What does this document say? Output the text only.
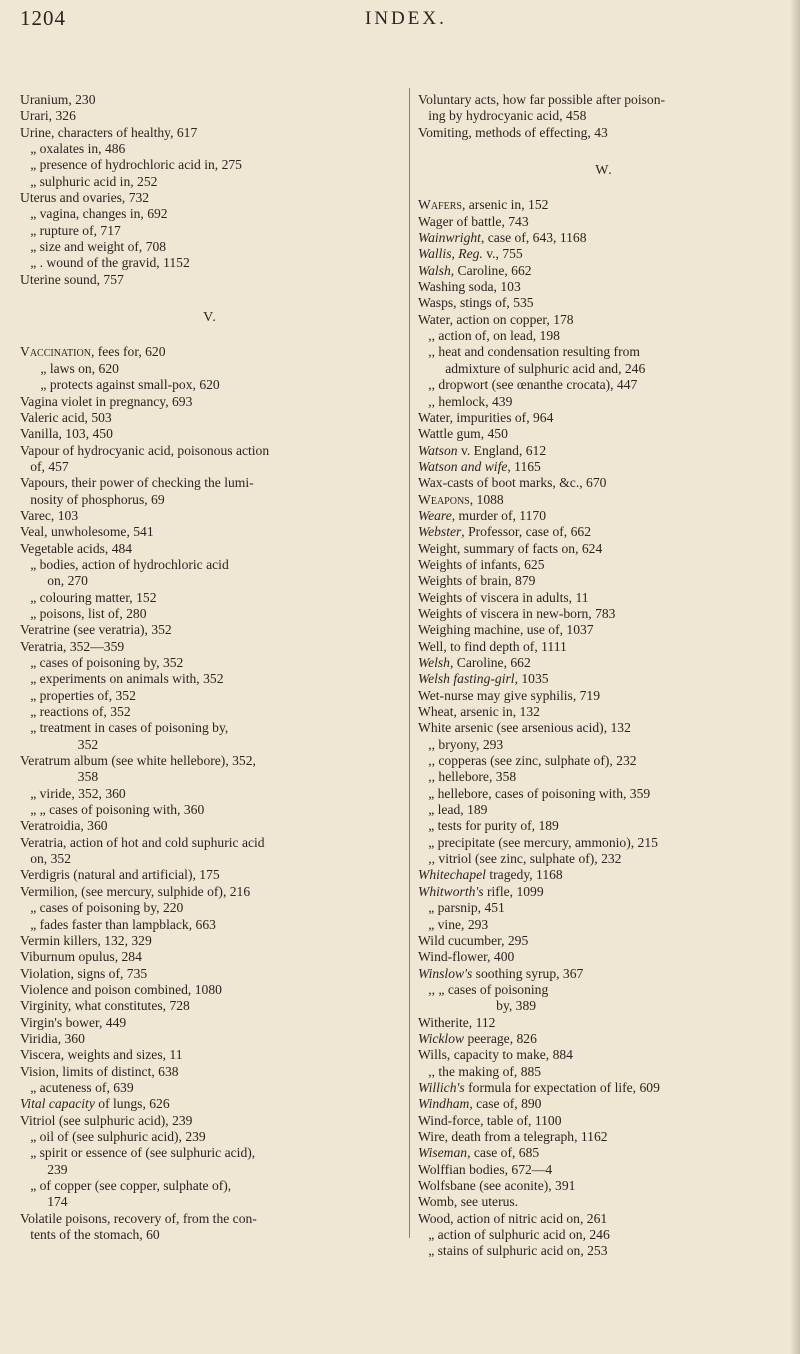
1204	INDEX.
Uranium, 230
Urari, 326
Urine, characters of healthy, 617
„ oxalates in, 486
„ presence of hydrochloric acid in, 275
„ sulphuric acid in, 252
Uterus and ovaries, 732
„ vagina, changes in, 692
„ rupture of, 717
„ size and weight of, 708
„ . wound of the gravid, 1152
Uterine sound, 757
V.
Vaccination, fees for, 620
„ laws on, 620
„ protects against small-pox, 620
Vagina violet in pregnancy, 693
Valeric acid, 503
Vanilla, 103, 450
Vapour of hydrocyanic acid, poisonous action
of, 457
Vapours, their power of checking the lumi-
nosity of phosphorus, 69
Varec, 103
Veal, unwholesome, 541
Vegetable acids, 484
„ bodies, action of hydrochloric acid
on, 270
„ colouring matter, 152
„ poisons, list of, 280
Veratrine (see veratria), 352
Veratria, 352—359
„ cases of poisoning by, 352
„ experiments on animals with, 352
„ properties of, 352
„ reactions of, 352
„ treatment in cases of poisoning by,
352
Veratrum album (see white hellebore), 352,
358
„ viride, 352, 360
„ „ cases of poisoning with, 360
Veratroidia, 360
Veratria, action of hot and cold suphuric acid
on, 352
Verdigris (natural and artificial), 175
Vermilion, (see mercury, sulphide of), 216
„ cases of poisoning by, 220
„ fades faster than lampblack, 663
Vermin killers, 132, 329
Viburnum opulus, 284
Violation, signs of, 735
Violence and poison combined, 1080
Virginity, what constitutes, 728
Virgin's bower, 449
Viridia, 360
Viscera, weights and sizes, 11
Vision, limits of distinct, 638
„ acuteness of, 639
Vital capacity of lungs, 626
Vitriol (see sulphuric acid), 239
„ oil of (see sulphuric acid), 239
„ spirit or essence of (see sulphuric acid),
239
„ of copper (see copper, sulphate of),
174
Volatile poisons, recovery of, from the con-
tents of the stomach, 60
Voluntary acts, how far possible after poison-
ing by hydrocyanic acid, 458
Vomiting, methods of effecting, 43
W.
Wafers, arsenic in, 152
Wager of battle, 743
Wainwright, case of, 643, 1168
Wallis, Reg. v., 755
Walsh, Caroline, 662
Washing soda, 103
Wasps, stings of, 535
Water, action on copper, 178
,, action of, on lead, 198
,, heat and condensation resulting from
admixture of sulphuric acid and, 246
,, dropwort (see œnanthe crocata), 447
,, hemlock, 439
Water, impurities of, 964
Wattle gum, 450
Watson v. England, 612
Watson and wife, 1165
Wax-casts of boot marks, &c., 670
Weapons, 1088
Weare, murder of, 1170
Webster, Professor, case of, 662
Weight, summary of facts on, 624
Weights of infants, 625
Weights of brain, 879
Weights of viscera in adults, 11
Weights of viscera in new-born, 783
Weighing machine, use of, 1037
Well, to find depth of, 1111
Welsh, Caroline, 662
Welsh fasting-girl, 1035
Wet-nurse may give syphilis, 719
Wheat, arsenic in, 132
White arsenic (see arsenious acid), 132
,, bryony, 293
,, copperas (see zinc, sulphate of), 232
,, hellebore, 358
„ hellebore, cases of poisoning with, 359
„ lead, 189
„ tests for purity of, 189
„ precipitate (see mercury, ammonio), 215
,, vitriol (see zinc, sulphate of), 232
Whitechapel tragedy, 1168
Whitworth's rifle, 1099
„ parsnip, 451
„ vine, 293
Wild cucumber, 295
Wind-flower, 400
Winslow's soothing syrup, 367
,, „ cases of poisoning
by, 389
Witherite, 112
Wicklow peerage, 826
Wills, capacity to make, 884
,, the making of, 885
Willich's formula for expectation of life, 609
Windham, case of, 890
Wind-force, table of, 1100
Wire, death from a telegraph, 1162
Wiseman, case of, 685
Wolffian bodies, 672—4
Wolfsbane (see aconite), 391
Womb, see uterus.
Wood, action of nitric acid on, 261
„ action of sulphuric acid on, 246
„ stains of sulphuric acid on, 253
